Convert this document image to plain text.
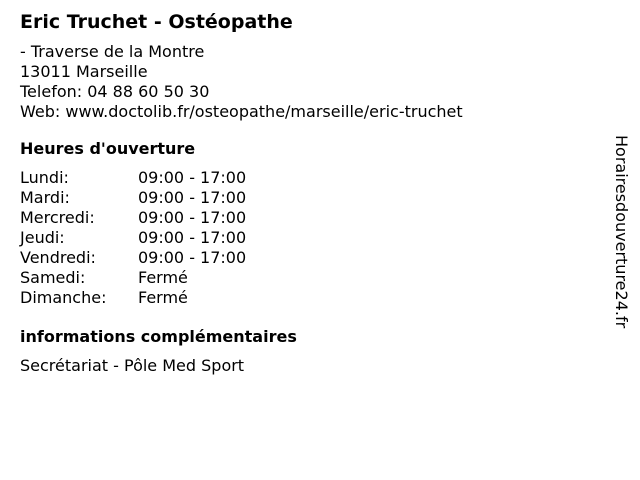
Eric Truchet - Ostéopathe
- Traverse de la Montre
13011 Marseille
Telefon: 04 88 60 50 30
Web: www.doctolib.fr/osteopathe/marseille/eric-truchet
Heures d'ouverture
Lundi:	09:00 - 17:00
Mardi:	09:00 - 17:00
Mercredi:	09:00 - 17:00
Jeudi:	09:00 - 17:00
Vendredi:	09:00 - 17:00
Samedi:	Fermé
Dimanche:	Fermé
informations complémentaires
Secrétariat - Pôle Med Sport
Horairesdouverture24.fr
